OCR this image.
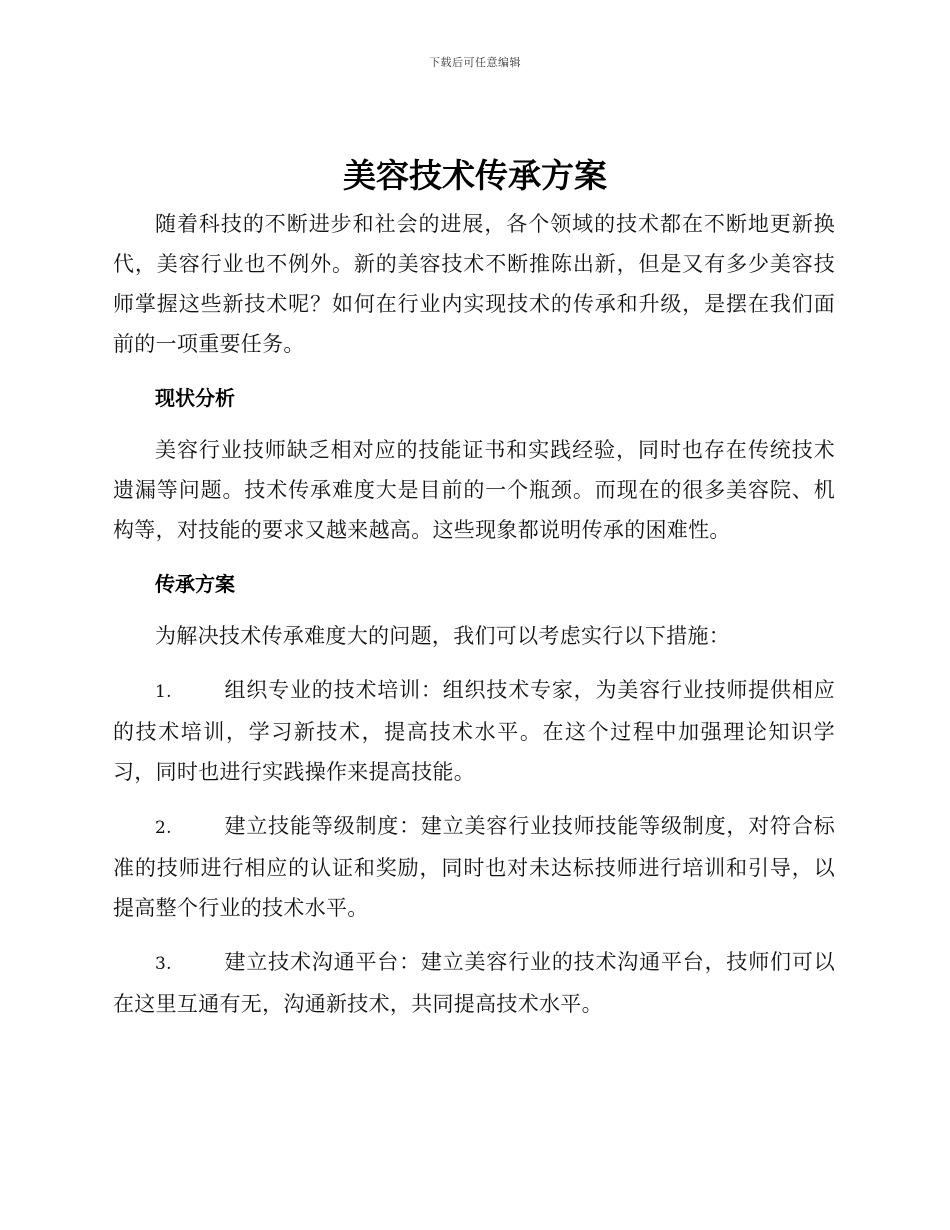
下载后可任意编辑
美容技术传承方案

随着科技的不断进步和社会的进展，各个领域的技术都在不断地更新换代，美容行业也不例外。新的美容技术不断推陈出新，但是又有多少美容技师掌握这些新技术呢？如何在行业内实现技术的传承和升级，是摆在我们面前的一项重要任务。

现状分析

美容行业技师缺乏相对应的技能证书和实践经验，同时也存在传统技术遗漏等问题。技术传承难度大是目前的一个瓶颈。而现在的很多美容院、机构等，对技能的要求又越来越高。这些现象都说明传承的困难性。

传承方案

为解决技术传承难度大的问题，我们可以考虑实行以下措施：

1. 组织专业的技术培训：组织技术专家，为美容行业技师提供相应的技术培训，学习新技术，提高技术水平。在这个过程中加强理论知识学习，同时也进行实践操作来提高技能。

2. 建立技能等级制度：建立美容行业技师技能等级制度，对符合标准的技师进行相应的认证和奖励，同时也对未达标技师进行培训和引导，以提高整个行业的技术水平。

3. 建立技术沟通平台：建立美容行业的技术沟通平台，技师们可以在这里互通有无，沟通新技术，共同提高技术水平。
